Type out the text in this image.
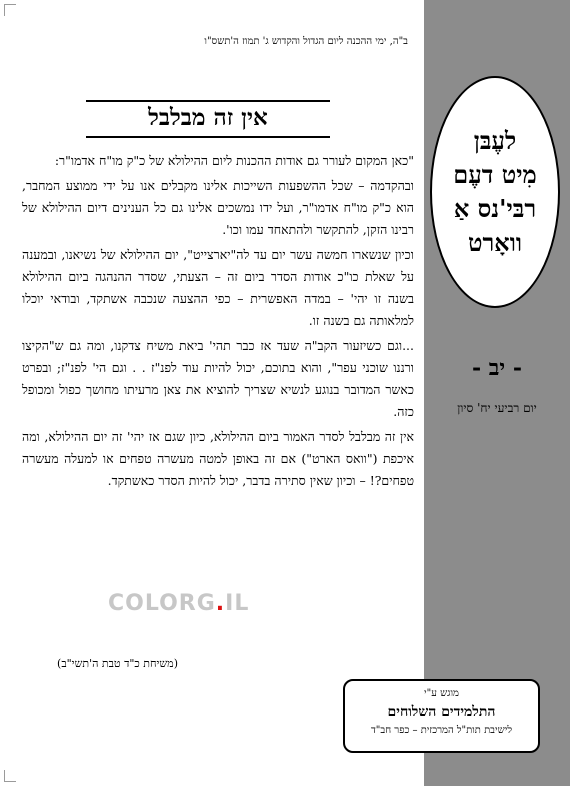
ב"ה, ימי ההכנה ליום הגדול והקדוש ג' תמוז ה'תשס"ו
אין זה מבלבל

"כאן המקום לעורר גם אודות ההכנות ליום ההילולא של כ"ק מו"ח אדמו"ר:

ובהקדמה – שכל ההשפעות השייכות אלינו מקבלים אנו על ידי ממוצע המחבר, הוא כ"ק מו"ח אדמו"ר, ועל ידו נמשכים אלינו גם כל הענינים דיום ההילולא של רבינו הזקן, להתקשר ולהתאחד עמו וכו'.

וכיון שנשארו חמשה עשר יום עד לה"יארצייט", יום ההילולא של נשיאנו, ובמענה על שאלת כו"כ אודות הסדר ביום זה – הצעתי, שסדר ההנהגה ביום ההילולא בשנה זו יהי' – במדה האפשרית – כפי ההצעה שנכבה אשתקד, ובודאי יוכלו למלאותה גם בשנה זו.

...וגם כשיזעור הקב"ה שעד אז כבר תהי' ביאת משיח צדקנו, ומה גם ש"הקיצו ורננו שוכני עפר", והוא בתוכם, יכול להיות עוד לפנ"ז . . וגם הי' לפנ"ז; ובפרט כאשר המדובר בנוגע לנשיא שצריך להוציא את צאן מרעיתו מחושך כפול ומכופל כזה.

אין זה מבלבל לסדר האמור ביום ההילולא, כיון שגם אז יהי' זה יום ההילולא, ומה איכפת ("וואס הארט") אם זה באופן למטה מעשרה טפחים או למעלה מעשרה טפחים?! – וכיון שאין סתירה בדבר, יכול להיות הסדר כאשתקד.

COLORG.IL
(משיחת כ"ד טבת ה'תשי"ב)
לעֶבּן
מִיט דעֶם
רבּי'נס אַ
וואָרט
- יב -
יום רביעי יח' סיון
מוגש ע"י
התלמידים השלוחים
לישיבת תות"ל המרכזית – כפר חב"ד
